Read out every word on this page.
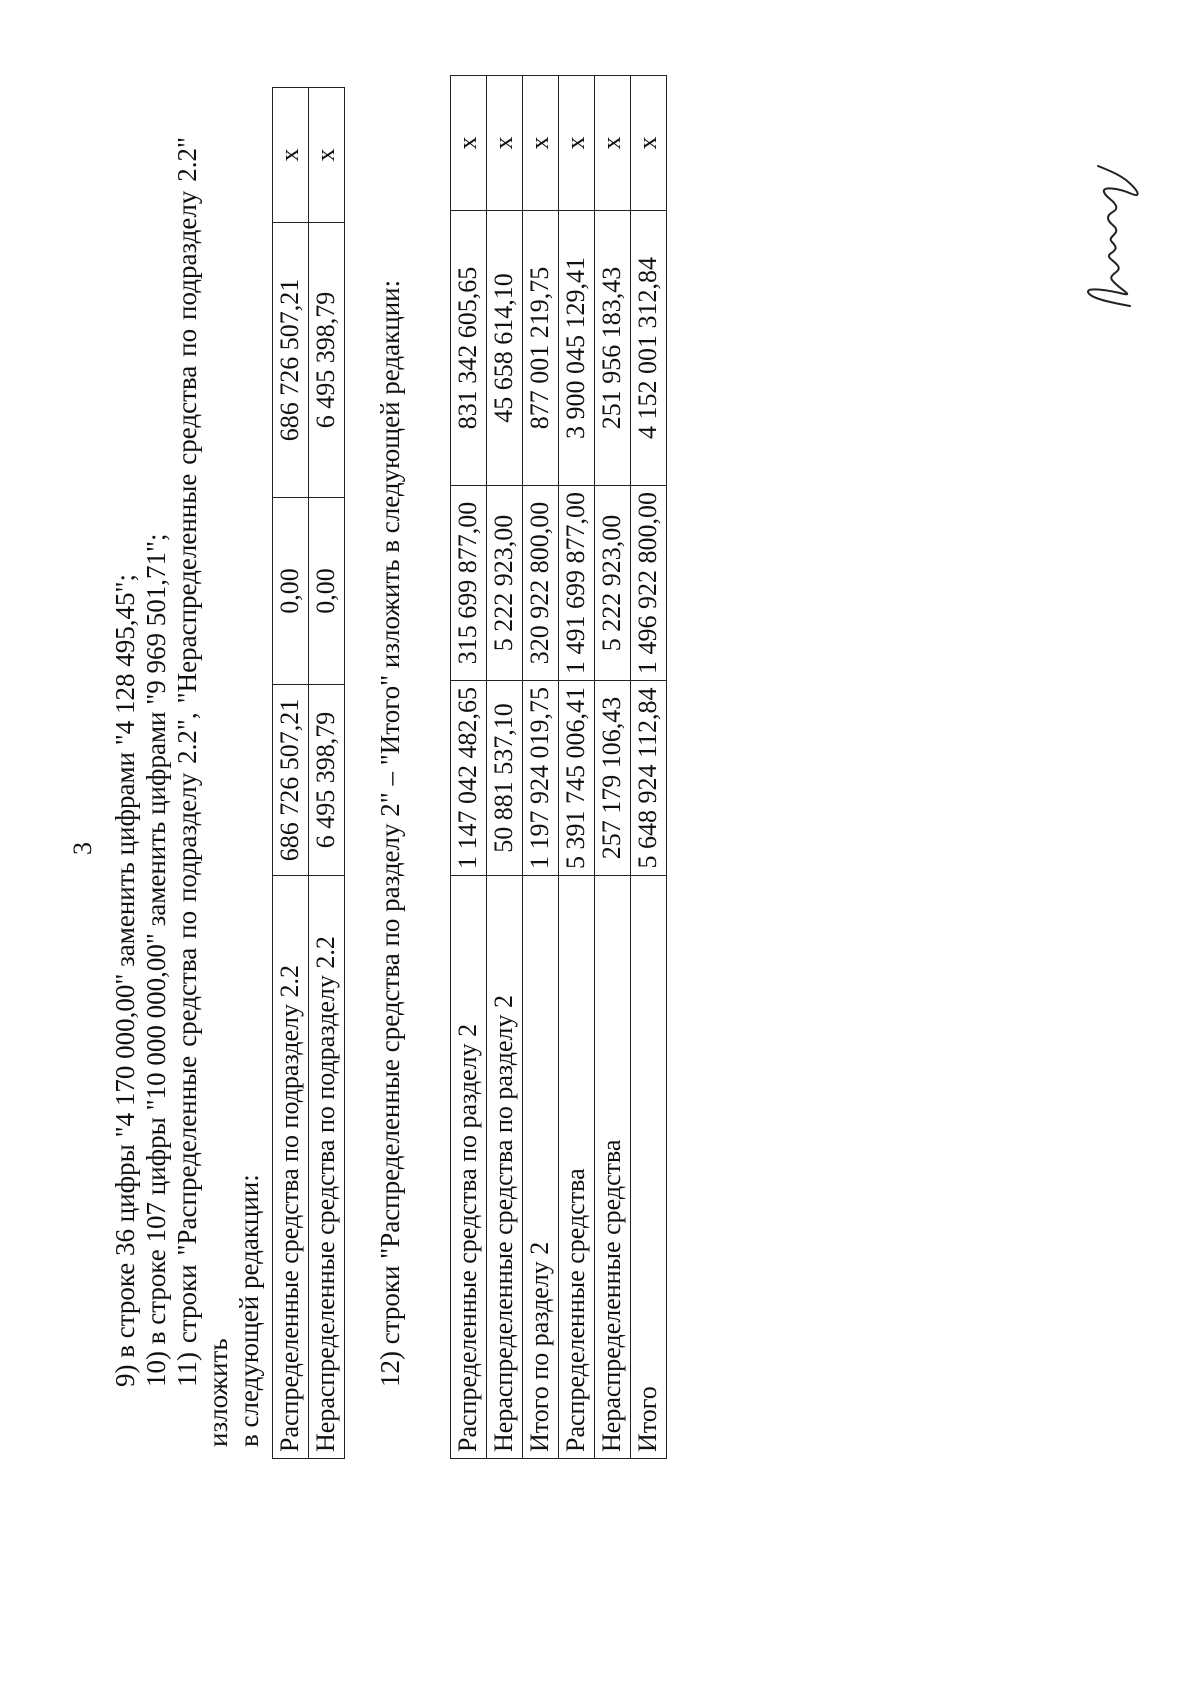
3 9) в строке 36 цифры "4 170 000,00" заменить цифрами "4 128 495,45"; 10) в строке 107 цифры "10 000 000,00" заменить цифрами "9 969 501,71"; 11) строки "Распределенные средства по подразделу 2.2", "Нераспределенные средства по подразделу 2.2" изложить в следующей редакции: Распределенные средства по подразделу 2.2	686 726 507,21	0,00	686 726 507,21	x
Нераспределенные средства по подразделу 2.2	6 495 398,79	0,00	6 495 398,79	x
12) строки "Распределенные средства по разделу 2" – "Итого" изложить в следующей редакции: Распределенные средства по разделу 2	1 147 042 482,65	315 699 877,00	831 342 605,65	x
Нераспределенные средства по разделу 2	50 881 537,10	5 222 923,00	45 658 614,10	x
Итого по разделу 2	1 197 924 019,75	320 922 800,00	877 001 219,75	x
Распределенные средства	5 391 745 006,41	1 491 699 877,00	3 900 045 129,41	x
Нераспределенные средства	257 179 106,43	5 222 923,00	251 956 183,43	x
Итого	5 648 924 112,84	1 496 922 800,00	4 152 001 312,84	x
